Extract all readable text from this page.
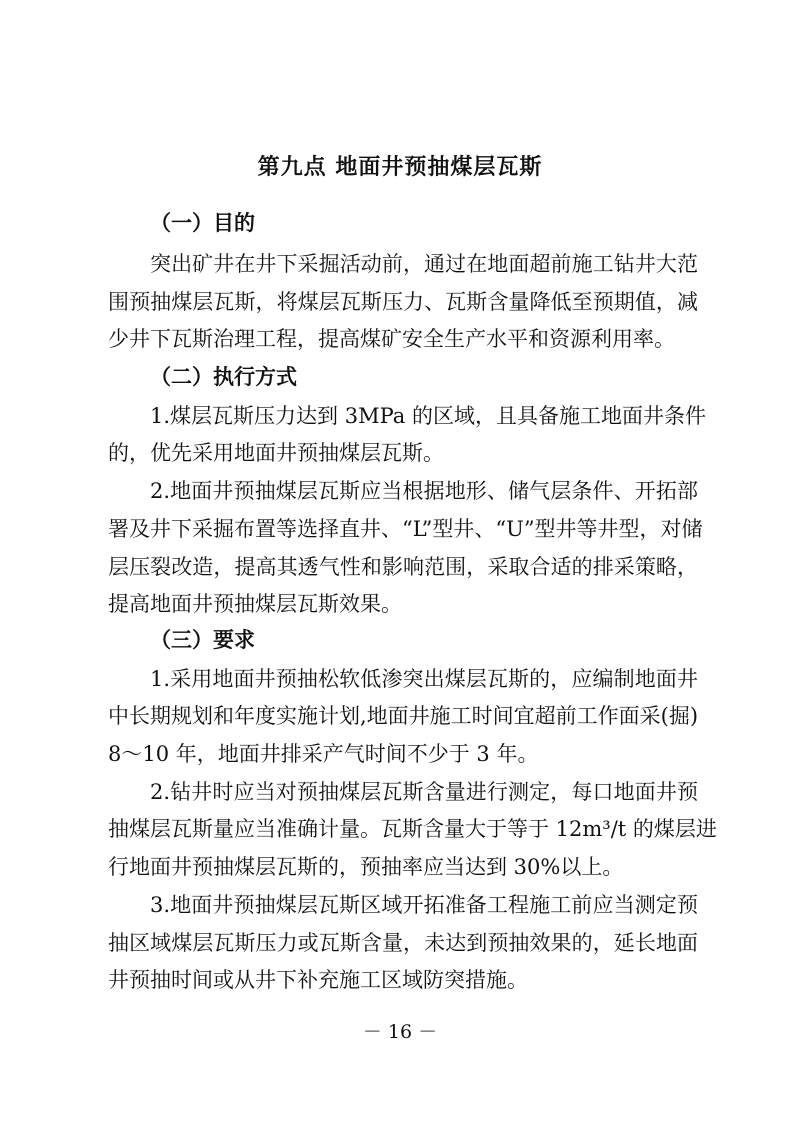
第九点 地面井预抽煤层瓦斯
（一）目的
突出矿井在井下采掘活动前，通过在地面超前施工钻井大范
围预抽煤层瓦斯，将煤层瓦斯压力、瓦斯含量降低至预期值，减
少井下瓦斯治理工程，提高煤矿安全生产水平和资源利用率。
（二）执行方式
1.煤层瓦斯压力达到 3MPa 的区域，且具备施工地面井条件
的，优先采用地面井预抽煤层瓦斯。
2.地面井预抽煤层瓦斯应当根据地形、储气层条件、开拓部
署及井下采掘布置等选择直井、“L”型井、“U”型井等井型，对储
层压裂改造，提高其透气性和影响范围，采取合适的排采策略，
提高地面井预抽煤层瓦斯效果。
（三）要求
1.采用地面井预抽松软低渗突出煤层瓦斯的，应编制地面井
中长期规划和年度实施计划,地面井施工时间宜超前工作面采(掘)
8～10 年，地面井排采产气时间不少于 3 年。
2.钻井时应当对预抽煤层瓦斯含量进行测定，每口地面井预
抽煤层瓦斯量应当准确计量。瓦斯含量大于等于 12m³/t 的煤层进
行地面井预抽煤层瓦斯的，预抽率应当达到 30%以上。
3.地面井预抽煤层瓦斯区域开拓准备工程施工前应当测定预
抽区域煤层瓦斯压力或瓦斯含量，未达到预抽效果的，延长地面
井预抽时间或从井下补充施工区域防突措施。
－ 16 －
